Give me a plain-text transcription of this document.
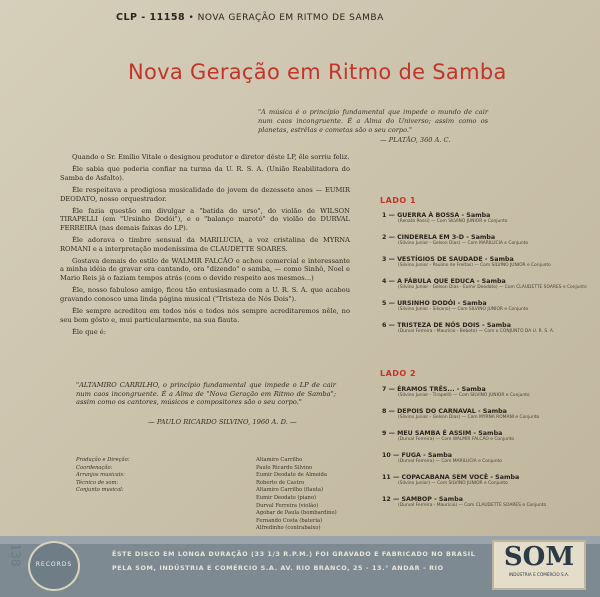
CLP - 11158 • NOVA GERAÇÃO EM RITMO DE SAMBA
Nova Geração em Ritmo de Samba
"A música é o princípio fundamental que impede o mundo de cair num caos incongruente. É a Alma do Universo; assim como os planetas, estrêlas e cometas são o seu corpo."
— PLATÃO, 360 A. C.

Quando o Sr. Emílio Vitale o designou produtor e diretor dêste LP, êle sorriu feliz.

Êle sabia que poderia confiar na turma da U. R. S. A. (União Reabilitadora do Samba de Asfalto).

Êle respeitava a prodigiosa musicalidade do jovem de dezessete anos — EUMIR DEODATO, nosso orquestrador.

Êle fazia questão em divulgar a "batida do urso", do violão de WILSON TIRAPELLI (em "Ursinho Dodói"), e o "balanço marotó" do violão de DURVAL FERREIRA (nas demais faixas do LP).

Êle adorava o timbre sensual da MARILUCIA, a voz cristalina de MYRNA ROMANI e a interpretação modeníssima de CLAUDETTE SOARES.

Gostava demais do estilo de WALMIR FALCÃO e achou comercial e interessante a minha idéia de gravar ora cantando, ora "dizendo" o samba, — como Sinhô, Noel e Mario Reis já o faziam tempos atrás (com o devido respeito aos mesmos...)

Êle, nosso fabuloso amigo, ficou tão entusiasmado com a U. R. S. A. que acabou gravando conosco uma linda página musical ("Tristeza de Nós Dois").

Êle sempre acreditou em todos nós e todos nós sempre acreditaremos nêle, no seu bom gôsto e, mui particularmente, na sua flauta.

Êle que é:

"ALTAMIRO CARRILHO, o princípio fundamental que impede o LP de cair num caos incongruente. É a Alma de "Nova Geração em Ritmo de Samba"; assim como os cantores, músicos e compositores são o seu corpo."
— PAULO RICARDO SILVINO, 1960 A. D. —
Produção e Direção:	Altamiro Carrilho
Coordenação:	Paulo Ricardo Silvino
Arranjos musicais:	Eumir Deodato de Almeida
Técnico de som:	Roberto de Castro
Conjunto musical:	Altamiro Carrilho (flauta)
Eumir Deodato (piano)
Durval Ferreira (violão)
Agobar de Paula (bombardino)
Fernando Costa (bateria)
Alfredinho (contrabaixo)
LADO 1
1 — GUERRA À BOSSA - Samba
(Renato Rossi) — Com SILVINO JUNIOR e Conjunto
2 — CINDERELA EM 3-D - Samba
(Silvino Junior - Gelson Dias) — Com MARILUCIA e Conjunto
3 — VESTÍGIOS DE SAUDADE - Samba
(Silvino Junior - Paulino de Freitas) — Com SILVINO JUNIOR e Conjunto
4 — A FÁBULA QUE EDUCA - Samba
(Silvino Junior - Gelson Dias - Eumir Deodato) — Com CLAUDETTE SOARES e Conjunto
5 — URSINHO DODÓI - Samba
(Silvino Junior - Silvano) — Com SILVINO JUNIOR e Conjunto
6 — TRISTEZA DE NÓS DOIS - Samba
(Durval Ferreira - Maurício - Bebeto) — Com o CONJUNTO DA U. R. S. A.
LADO 2
7 — ÉRAMOS TRÊS... - Samba
(Silvino Junior - Tirapelli) — Com SILVINO JUNIOR e Conjunto
8 — DEPOIS DO CARNAVAL - Samba
(Silvino Junior - Gelson Dias) — Com MYRNA ROMANI e Conjunto
9 — MEU SAMBA É ASSIM - Samba
(Durval Ferreira) — Com WALMIR FALCÃO e Conjunto
10 — FUGA - Samba
(Durval Ferreira) — Com MARILUCIA e Conjunto
11 — COPACABANA SEM VOCÊ - Samba
(Silvino Junior) — Com SILVINO JUNIOR e Conjunto
12 — SAMBOP - Samba
(Durval Ferreira - Maurício) — Com CLAUDETTE SOARES e Conjunto
RECORDS
ÊSTE DISCO EM LONGA DURAÇÃO (33 1/3 R.P.M.) FOI GRAVADO E FABRICADO NO BRASIL
PELA SOM, INDÚSTRIA E COMÉRCIO S.A. AV. RIO BRANCO, 25 - 13.° ANDAR - RIO	SOM
INDÚSTRIA E COMÉRCIO S.A.
138
